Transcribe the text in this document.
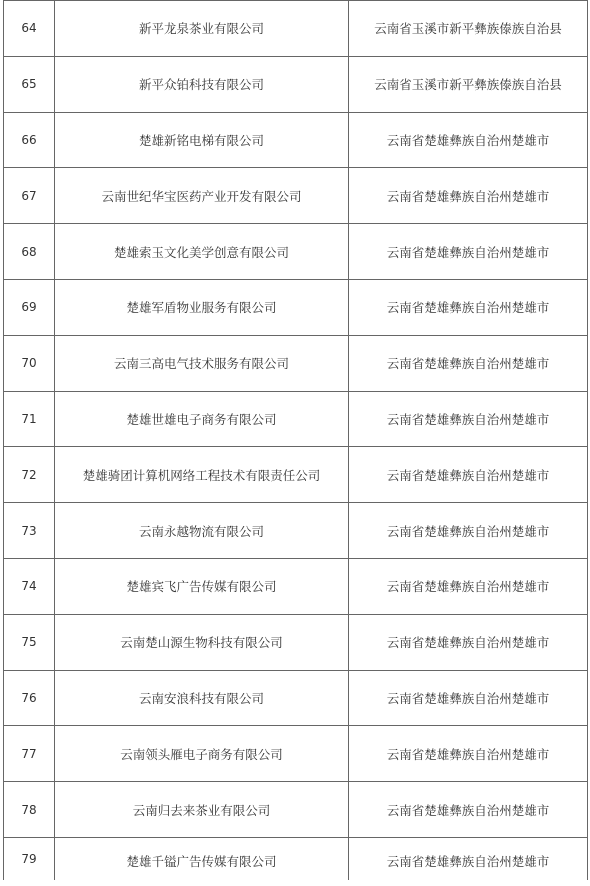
64	新平龙泉茶业有限公司	云南省玉溪市新平彝族傣族自治县
65	新平众铂科技有限公司	云南省玉溪市新平彝族傣族自治县
66	楚雄新铭电梯有限公司	云南省楚雄彝族自治州楚雄市
67	云南世纪华宝医药产业开发有限公司	云南省楚雄彝族自治州楚雄市
68	楚雄索玉文化美学创意有限公司	云南省楚雄彝族自治州楚雄市
69	楚雄军盾物业服务有限公司	云南省楚雄彝族自治州楚雄市
70	云南三高电气技术服务有限公司	云南省楚雄彝族自治州楚雄市
71	楚雄世雄电子商务有限公司	云南省楚雄彝族自治州楚雄市
72	楚雄骑团计算机网络工程技术有限责任公司	云南省楚雄彝族自治州楚雄市
73	云南永越物流有限公司	云南省楚雄彝族自治州楚雄市
74	楚雄宾飞广告传媒有限公司	云南省楚雄彝族自治州楚雄市
75	云南楚山源生物科技有限公司	云南省楚雄彝族自治州楚雄市
76	云南安浪科技有限公司	云南省楚雄彝族自治州楚雄市
77	云南领头雁电子商务有限公司	云南省楚雄彝族自治州楚雄市
78	云南归去来茶业有限公司	云南省楚雄彝族自治州楚雄市
79	楚雄千镒广告传媒有限公司	云南省楚雄彝族自治州楚雄市
